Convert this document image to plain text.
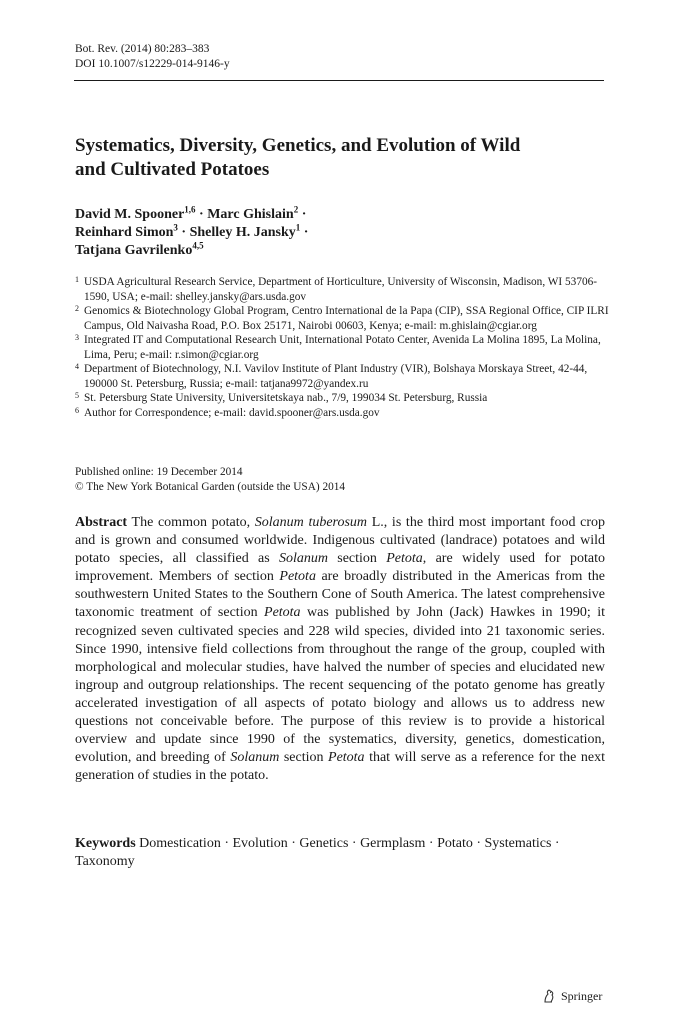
Bot. Rev. (2014) 80:283–383
DOI 10.1007/s12229-014-9146-y
Systematics, Diversity, Genetics, and Evolution of Wild
and Cultivated Potatoes
David M. Spooner$^{1,6}$ · Marc Ghislain$^2$ ·
Reinhard Simon$^3$ · Shelley H. Jansky$^1$ ·
Tatjana Gavrilenko$^{4,5}$

1 USDA Agricultural Research Service, Department of Horticulture, University of Wisconsin, Madison, WI 53706-1590, USA; e-mail: shelley.jansky@ars.usda.gov

2 Genomics & Biotechnology Global Program, Centro International de la Papa (CIP), SSA Regional Office, CIP ILRI Campus, Old Naivasha Road, P.O. Box 25171, Nairobi 00603, Kenya; e-mail: m.ghislain@cgiar.org

3 Integrated IT and Computational Research Unit, International Potato Center, Avenida La Molina 1895, La Molina, Lima, Peru; e-mail: r.simon@cgiar.org

4 Department of Biotechnology, N.I. Vavilov Institute of Plant Industry (VIR), Bolshaya Morskaya Street, 42-44, 190000 St. Petersburg, Russia; e-mail: tatjana9972@yandex.ru

5 St. Petersburg State University, Universitetskaya nab., 7/9, 199034 St. Petersburg, Russia

6 Author for Correspondence; e-mail: david.spooner@ars.usda.gov

Published online: 19 December 2014
© The New York Botanical Garden (outside the USA) 2014

Abstract The common potato, Solanum tuberosum L., is the third most important food crop and is grown and consumed worldwide. Indigenous cultivated (landrace) potatoes and wild potato species, all classified as Solanum section Petota, are widely used for potato improvement. Members of section Petota are broadly distributed in the Americas from the southwestern United States to the Southern Cone of South America. The latest comprehensive taxonomic treatment of section Petota was published by John (Jack) Hawkes in 1990; it recognized seven cultivated species and 228 wild species, divided into 21 taxonomic series. Since 1990, intensive field collections from throughout the range of the group, coupled with morphological and molecular studies, have halved the number of species and elucidated new ingroup and outgroup relationships. The recent sequencing of the potato genome has greatly accelerated investigation of all aspects of potato biology and allows us to address new questions not conceivable before. The purpose of this review is to provide a historical overview and update since 1990 of the systematics, diversity, genetics, domestication, evolution, and breeding of Solanum section Petota that will serve as a reference for the next generation of studies in the potato.

Keywords Domestication · Evolution · Genetics · Germplasm · Potato · Systematics · Taxonomy

Springer
